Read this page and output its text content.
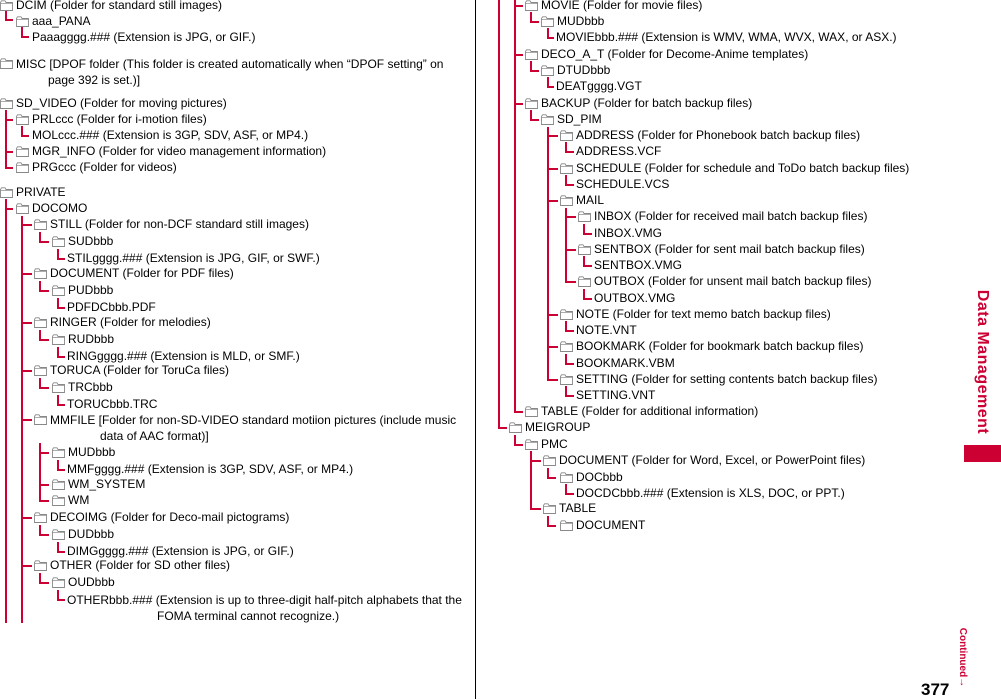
DCIM (Folder for standard still images)
aaa_PANA
Paaagggg.### (Extension is JPG, or GIF.)
MISC [DPOF folder (This folder is created automatically when “DPOF setting” on page 392 is set.)]
SD_VIDEO (Folder for moving pictures)
PRLccc (Folder for i-motion files)
MOLccc.### (Extension is 3GP, SDV, ASF, or MP4.)
MGR_INFO (Folder for video management information)
PRGccc (Folder for videos)
PRIVATE
DOCOMO
STILL (Folder for non-DCF standard still images)
SUDbbb
STILgggg.### (Extension is JPG, GIF, or SWF.)
DOCUMENT (Folder for PDF files)
PUDbbb
PDFDCbbb.PDF
RINGER (Folder for melodies)
RUDbbb
RINGgggg.### (Extension is MLD, or SMF.)
TORUCA (Folder for ToruCa files)
TRCbbb
TORUCbbb.TRC
MMFILE [Folder for non-SD-VIDEO standard motiion pictures (include music data of AAC format)]
MUDbbb
MMFgggg.### (Extension is 3GP, SDV, ASF, or MP4.)
WM_SYSTEM
WM
DECOIMG (Folder for Deco-mail pictograms)
DUDbbb
DIMGgggg.### (Extension is JPG, or GIF.)
OTHER (Folder for SD other files)
OUDbbb
OTHERbbb.### (Extension is up to three-digit half-pitch alphabets that the FOMA terminal cannot recognize.)
MOVIE (Folder for movie files)
MUDbbb
MOVIEbbb.### (Extension is WMV, WMA, WVX, WAX, or ASX.)
DECO_A_T (Folder for Decome-Anime templates)
DTUDbbb
DEATgggg.VGT
BACKUP (Folder for batch backup files)
SD_PIM
ADDRESS (Folder for Phonebook batch backup files)
ADDRESS.VCF
SCHEDULE (Folder for schedule and ToDo batch backup files)
SCHEDULE.VCS
MAIL
INBOX (Folder for received mail batch backup files)
INBOX.VMG
SENTBOX (Folder for sent mail batch backup files)
SENTBOX.VMG
OUTBOX (Folder for unsent mail batch backup files)
OUTBOX.VMG
NOTE (Folder for text memo batch backup files)
NOTE.VNT
BOOKMARK (Folder for bookmark batch backup files)
BOOKMARK.VBM
SETTING (Folder for setting contents batch backup files)
SETTING.VNT
TABLE (Folder for additional information)
MEIGROUP
PMC
DOCUMENT (Folder for Word, Excel, or PowerPoint files)
DOCbbb
DOCDCbbb.### (Extension is XLS, DOC, or PPT.)
TABLE
DOCUMENT
Data Management
Continued→
377
